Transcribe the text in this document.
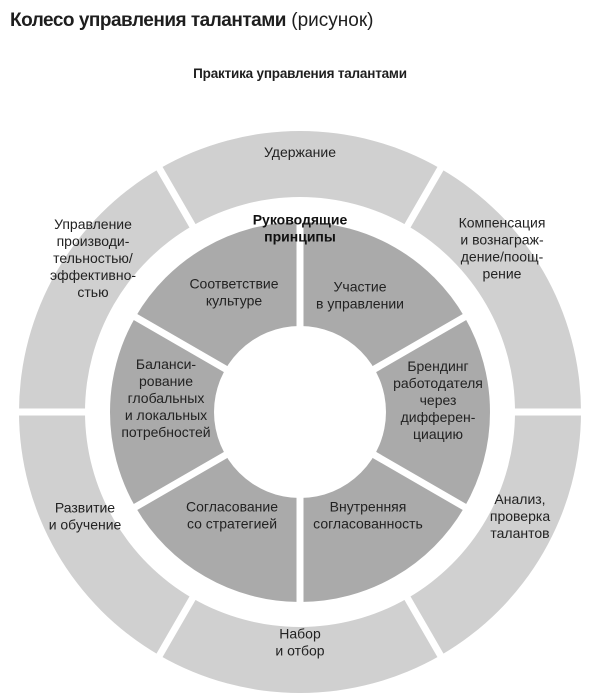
Колесо управления талантами (рисунок)
Практика управления талантами
Удержание
Компенсация и вознаграж-дение/поощ-рение
Анализ, проверка талантов
Набор и отбор
Развитие и обучение
Управление производи-тельностью/ эффективно-стью	Участие в управлении
Брендинг работодателя через дифферен-циацию
Внутренняя согласованность
Согласование со стратегией
Баланси-рование глобальных и локальных потребностей
Соответствие культуре
Руководящие принципы
